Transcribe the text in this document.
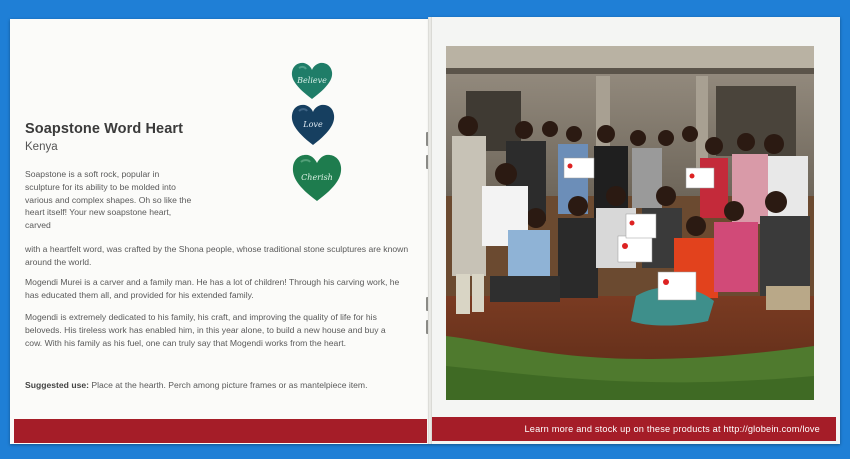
Soapstone Word Heart
Kenya
Believe
Love
Cherish
Soapstone is a soft rock, popular in sculpture for its ability to be molded into various and complex shapes. Oh so like the heart itself! Your new soapstone heart, carved
with a heartfelt word, was crafted by the Shona people, whose traditional stone sculptures are known around the world.
Mogendi Murei is a carver and a family man. He has a lot of children! Through his carving work, he has educated them all, and provided for his extended family.
Mogendi is extremely dedicated to his family, his craft, and improving the quality of life for his beloveds. His tireless work has enabled him, in this year alone, to build a new house and buy a cow. With his family as his fuel, one can truly say that Mogendi works from the heart.
Suggested use: Place at the hearth. Perch among picture frames or as mantelpiece item.
Learn more and stock up on these products at http://globein.com/love
